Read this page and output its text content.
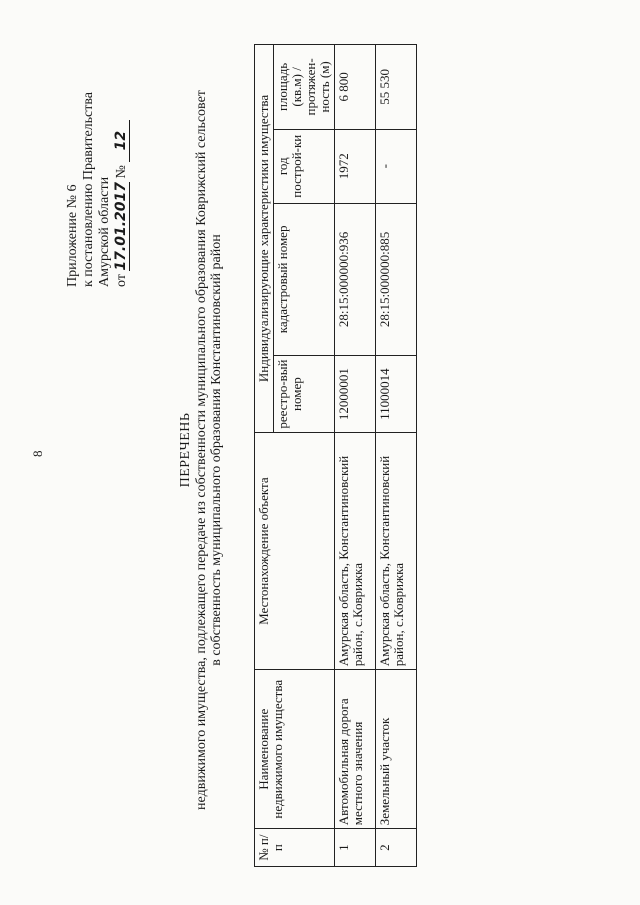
8
Приложение № 6 к постановлению Правительства Амурской области от 17.01.2017 № 12
ПЕРЕЧЕНЬ недвижимого имущества, подлежащего передаче из собственности муниципального образования Коврижский сельсовет в собственность муниципального образования Константиновский район
№ п/п	Наименование недвижимого имущества	Местонахождение объекта	Индивидуализирующие характеристики имущества			
			реестро-вый номер	кадастровый номер	год построй-ки	площадь (кв.м) / протяжен-ность (м)
1	Автомобильная дорога местного значения	Амурская область, Константиновский район, с.Коврижка	12000001	28:15:000000:936	1972	6 800
2	Земельный участок	Амурская область, Константиновский район, с.Коврижка	11000014	28:15:000000:885	-	55 530
